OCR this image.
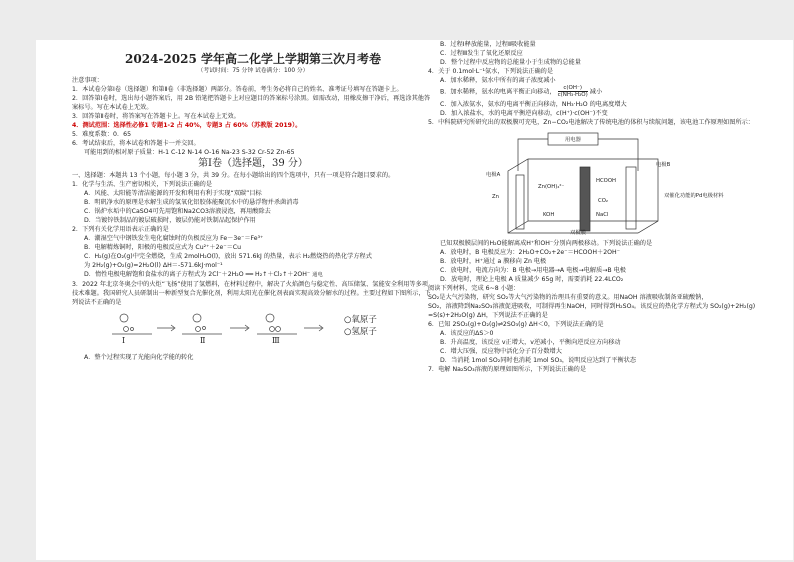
2024-2025 学年高二化学上学期第三次月考卷
（考试时间：75 分钟 试卷满分：100 分）

注意事项：

1．本试卷分第Ⅰ卷（选择题）和第Ⅱ卷（非选择题）两部分。答卷前，考生务必将自己的姓名、准考证号填写在答题卡上。

2．回答第Ⅰ卷时，选出每小题答案后，用 2B 铅笔把答题卡上对应题目的答案标号涂黑。如需改动，用橡皮擦干净后，再选涂其他答案标号。写在本试卷上无效。

3．回答第Ⅱ卷时，将答案写在答题卡上。写在本试卷上无效。

4．测试范围：选择性必修1 专题1-2 占 40%，专题3 占 60%（苏教版 2019）。

5．难度系数：0．65

6．考试结束后，将本试卷和答题卡一并交回。

可能用到的相对原子质量：H-1 C-12 N-14 O-16 Na-23 S-32 Cr-52 Zn-65

第Ⅰ卷（选择题，39 分）

一、选择题：本题共 13 个小题，每小题 3 分，共 39 分。在每小题给出的四个选项中，只有一项是符合题目要求的。

1．化学与生活、生产密切相关，下列说法正确的是

A．风能、太阳能等清洁能源的开发和利用有利于实现“双碳”目标

B．明矾净水的原理是水解生成的氢氧化铝胶体能聚沉水中的悬浮物并杀菌消毒

C．锅炉水垢中的CaSO4可先用饱和Na2CO3溶液浸泡，再用酸除去

D．当镀锌铁制品的镀层破损时，镀层仍能对铁制品起保护作用

2．下列有关化学用语表示正确的是

A．潮湿空气中钢铁发生电化腐蚀时的负极反应为 Fe－3e⁻＝Fe³⁺

B．电解精炼铜时，阳极的电极反应式为 Cu²⁺＋2e⁻＝Cu

C．H₂(g)在O₂(g)中完全燃烧，生成 2molH₂O(l)，放出 571.6kJ 的热量，表示 H₂燃烧热的热化学方程式

为 2H₂(g)+O₂(g)=2H₂O(l) ΔH＝-571.6kJ·mol⁻¹

D．惰性电极电解饱和食盐水的离子方程式为 2Cl⁻＋2H₂O ══ H₂↑＋Cl₂↑＋2OH⁻ 通电

3．2022 年北京冬奥会中的火炬“飞扬”使用了氢燃料，在材料过程中，解决了火焰颜色与稳定性、高压储氢、氢能安全利用等多项技术难题。我国研究人员研制出一种新型复合光催化剂，利用太阳光在催化剂表面实现高效分解水的过程。主要过程如下图所示，下列说法不正确的是

Ⅰ	Ⅱ	Ⅲ
○氧原子
○氢原子

A．整个过程实现了光能向化学能的转化

B．过程Ⅰ释放能量，过程Ⅱ吸收能量

C．过程Ⅲ发生了氧化还原反应

D．整个过程中反应物的总能量小于生成物的总能量

4．关于 0.1mol·L⁻¹氨水，下列说法正确的是

A．加水稀释，氨水中所有的离子浓度减小

B．加水稀释，氨水的电离平衡正向移动， $\frac{c(OH^-)}{\text{c(NH₃·H₂O)}}$ 减小

C．加入浓氨水，氨水的电离平衡正向移动，NH₃·H₂O 的电离度增大

D．加入浓盐水，水的电离平衡逆向移动，c(H⁺)·c(OH⁻)不变

5．中科院研究所研究出的双极膜可充电，Zn−CO₂电池解决了传统电池的体积与续航问题，该电池工作原理如图所示：

用电器
电极A
电极B
Zn
Zn(OH)₄²⁻
KOH
HCOOH
CO₂
NaCl
双极膜
双催化功能的Pd电极材料

已知双极膜层间的H₂O能解离成H⁺和OH⁻分别向两极移动。下列说法正确的是

A．放电时，B 电极反应为：2H₂O+CO₂+2e⁻＝HCOOH＋2OH⁻

B．放电时，H⁺通过 a 膜移向 Zn 电极

C．放电时，电流方向为：B 电极→用电器→A 电极→电解质→B 电极

D．放电时，理论上电极 A 质量减少 65g 时，需要消耗 22.4LCO₂

阅读下列材料，完成 6~8 小题：

SO₂是大气污染物，研究 SO₂等大气污染物的治理具有重要的意义。用NaOH 溶液吸收制备亚硫酸钠，

SO₂，溶液降到Na₂SO₃溶液促进吸收，可制得再生NaOH，同时得到H₂SO₄。该反应的热化学方程式为 SO₂(g)+2H₂(g)

=S(s)+2H₂O(g) ΔH，下列说法不正确的是

6．已知 2SO₂(g)+O₂(g)⇌2SO₃(g) ΔH＜0，下列说法正确的是

A．该反应的ΔS＞0

B．升高温度，该反应 v正增大，v逆减小，平衡向逆反应方向移动

C．增大压强，反应物中活化分子百分数增大

D．当消耗 1mol SO₂同时也消耗 1mol SO₃，说明反应达到了平衡状态

7．电解 Na₂SO₃溶液的原理如图所示，下列说法正确的是
